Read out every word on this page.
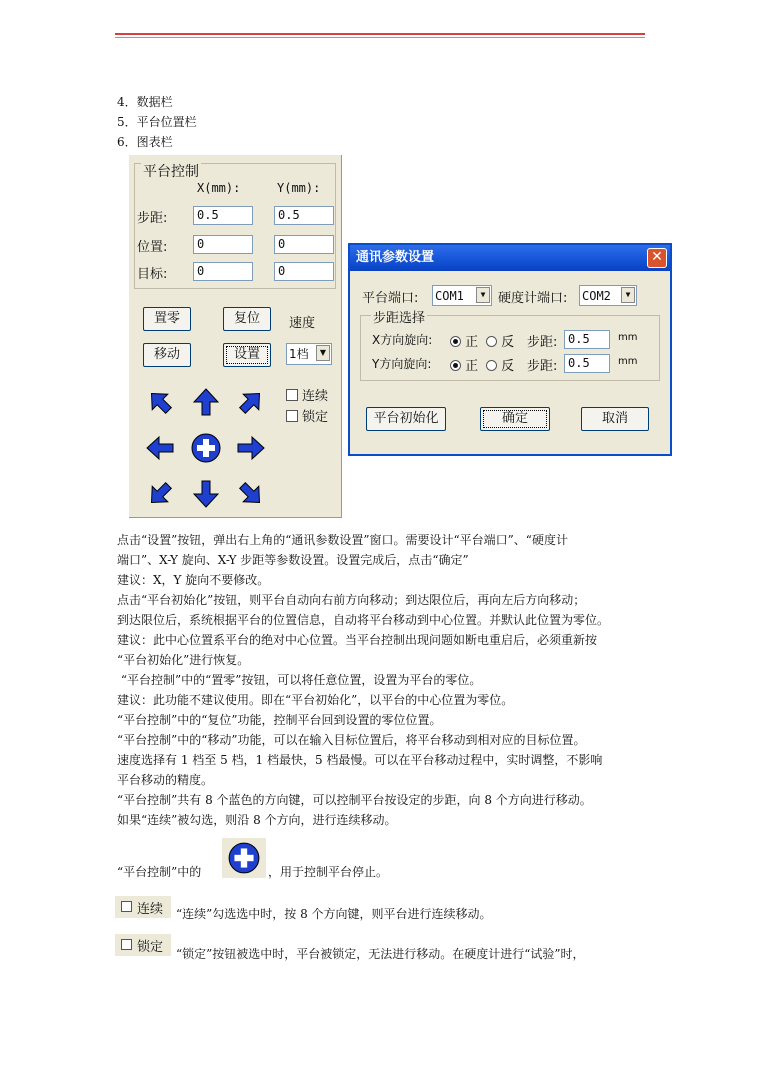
4．数据栏
5．平台位置栏
6．图表栏
平台控制
X(mm):	Y(mm):
步距:	0.5	0.5
位置:	0	0
目标:	0	0
置零	复位	速度
移动	设置	1档	▼
连续
锁定
通讯参数设置	✕
平台端口: COM1	▼ 硬度计端口: COM2	▼
步距选择
X方向旋向:	正	反 步距: 0.5	mm
Y方向旋向:	正	反 步距: 0.5	mm
平台初始化	确定	取消
点击“设置”按钮，弹出右上角的“通讯参数设置”窗口。需要设计“平台端口”、“硬度计
端口”、X-Y 旋向、X-Y 步距等参数设置。设置完成后，点击“确定”
建议：X，Y 旋向不要修改。
点击“平台初始化”按钮，则平台自动向右前方向移动；到达限位后，再向左后方向移动；
到达限位后，系统根据平台的位置信息，自动将平台移动到中心位置。并默认此位置为零位。
建议：此中心位置系平台的绝对中心位置。当平台控制出现问题如断电重启后，必须重新按
“平台初始化”进行恢复。
“平台控制”中的“置零”按钮，可以将任意位置，设置为平台的零位。
建议：此功能不建议使用。即在“平台初始化”，以平台的中心位置为零位。
“平台控制”中的“复位”功能，控制平台回到设置的零位位置。
“平台控制”中的“移动”功能，可以在输入目标位置后，将平台移动到相对应的目标位置。
速度选择有 1 档至 5 档，1 档最快，5 档最慢。可以在平台移动过程中，实时调整，不影响
平台移动的精度。
“平台控制”共有 8 个蓝色的方向键，可以控制平台按设定的步距，向 8 个方向进行移动。
如果“连续”被勾选，则沿 8 个方向，进行连续移动。
“平台控制”中的	，用于控制平台停止。
连续 “连续”勾选选中时，按 8 个方向键，则平台进行连续移动。
锁定 “锁定”按钮被选中时，平台被锁定，无法进行移动。在硬度计进行“试验”时，
